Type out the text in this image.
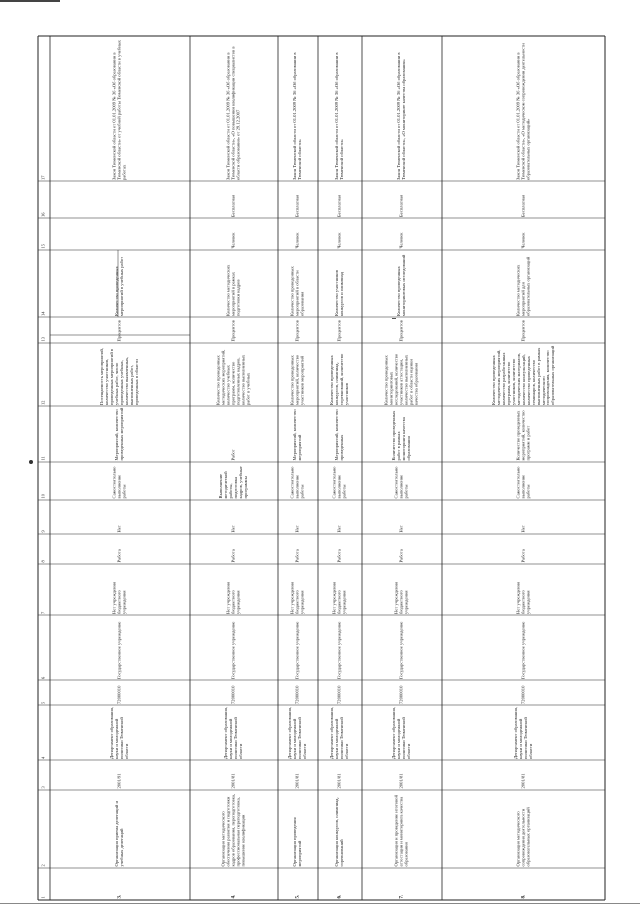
17
16
15
14
13
12
11
10
9
8
7
6
5
4
3
2
1
Закон Тюменской области от 01.01.2009 № 36 «Об образовании в Тюменской области» от учебной работы Тюменской области в учебных работах
Количество проведенных мероприятий в учебных работ
Процентов
Посещаемость мероприятий, количество участников, проведенных мероприятий в учебных работ, число проведенных учебных, количество выявленных, выполненных работ, проведенных в области
Мероприятий, количество проведенных мероприятий
Самостоятельно выполнение работы
Нет
Работа
Нет учреждения бюджетного учреждения
Государственное учреждение
72000010
Департамент образования, науки и молодежной политики Тюменской области
2001/91
Организация приема делегаций и учебных делегаций
3.
Закон Тюменской области от 01.01.2009 № 36 «Об образовании в Тюменской области», «О повышении квалификации специалистов в области образования» от 29.12.2007
Бесплатная
Человек
Количество методических мероприятий в рамках подготовки кадров
Процентов
Количество проведенных методических мероприятий, количество учебных программ, количество подготовленных кадров, количество выполненных работ в учебных
Работ
Выполнение методической работы, подготовка кадров, учебные программы
Нет
Работа
Нет учреждения бюджетного учреждения
Государственное учреждение
72000010
Департамент образования, науки и молодежной политики Тюменской области
2001/81
Организация методического обеспечения развития и подготовки кадров образования, переподготовка, профессиональная переподготовка, повышение квалификации
4.
Закон Тюменской области от 01.01.2009 № 36 «Об образовании в Тюменской области»
Бесплатная
Человек
Количество проведенных мероприятий в области образования
Процентов
Количество проведенных мероприятий, количество участников мероприятий
Мероприятий, количество мероприятий
Самостоятельно выполнение работы
Нет
Работа
Нет учреждения бюджетного учреждения
Государственное учреждение
72000010
Департамент образования, науки и молодежной политики Тюменской области
2001/81
Организация проведения мероприятий
5.
Закон Тюменской области от 01.01.2009 № 36 «Об образовании в Тюменской области»
Бесплатная
Человек
Количество участников конкурсов и олимпиад
Процентов
Количество проведенных конкурсов, олимпиад, соревнований, количество участников
Мероприятий, количество проведенных
Самостоятельно выполнение работы
Нет
Работа
Нет учреждения бюджетного учреждения
Государственное учреждение
72000010
Департамент образования, науки и молодежной политики Тюменской области
2001/81
Организация конкурсов, олимпиад, соревнований
6.
Закон Тюменской области от 01.01.2009 № 36 «Об образовании в Тюменской области», «О мониторинге качества образования»
Бесплатная
Человек
Количество проведенных мониторинговых исследований
Процентов
Количество проведенных мониторинговых исследований, количество участников аттестации, количество выполненных работ в области оценки качества образования
Количество проведенных работ в рамках мониторинга качества образования
Самостоятельно выполнение работы
Нет
Работа
Нет учреждения бюджетного учреждения
Государственное учреждение
72000010
Департамент образования, науки и молодежной политики Тюменской области
2001/81
Организация и проведение итоговой аттестации и мониторинга качества образования
7.
Закон Тюменской области от 01.01.2009 № 36 «Об образовании в Тюменской области», «О методическом сопровождении деятельности образовательных организаций»
Бесплатная
Человек
Количество методических мероприятий для образовательных организаций
Процентов
Количество проведенных методических мероприятий, количество разработанных программ, количество участников, количество методических материалов, количество консультаций, количество проведенных семинаров, количество выполненных работ в рамках методического сопровождения, количество образовательных организаций
Количество проведенных мероприятий, количество программ и работ
Самостоятельно выполнение работы
Нет
Работа
Нет учреждения бюджетного учреждения
Государственное учреждение
72000010
Департамент образования, науки и молодежной политики Тюменской области
2001/81
Организация методического сопровождения деятельности образовательных организаций
8.
